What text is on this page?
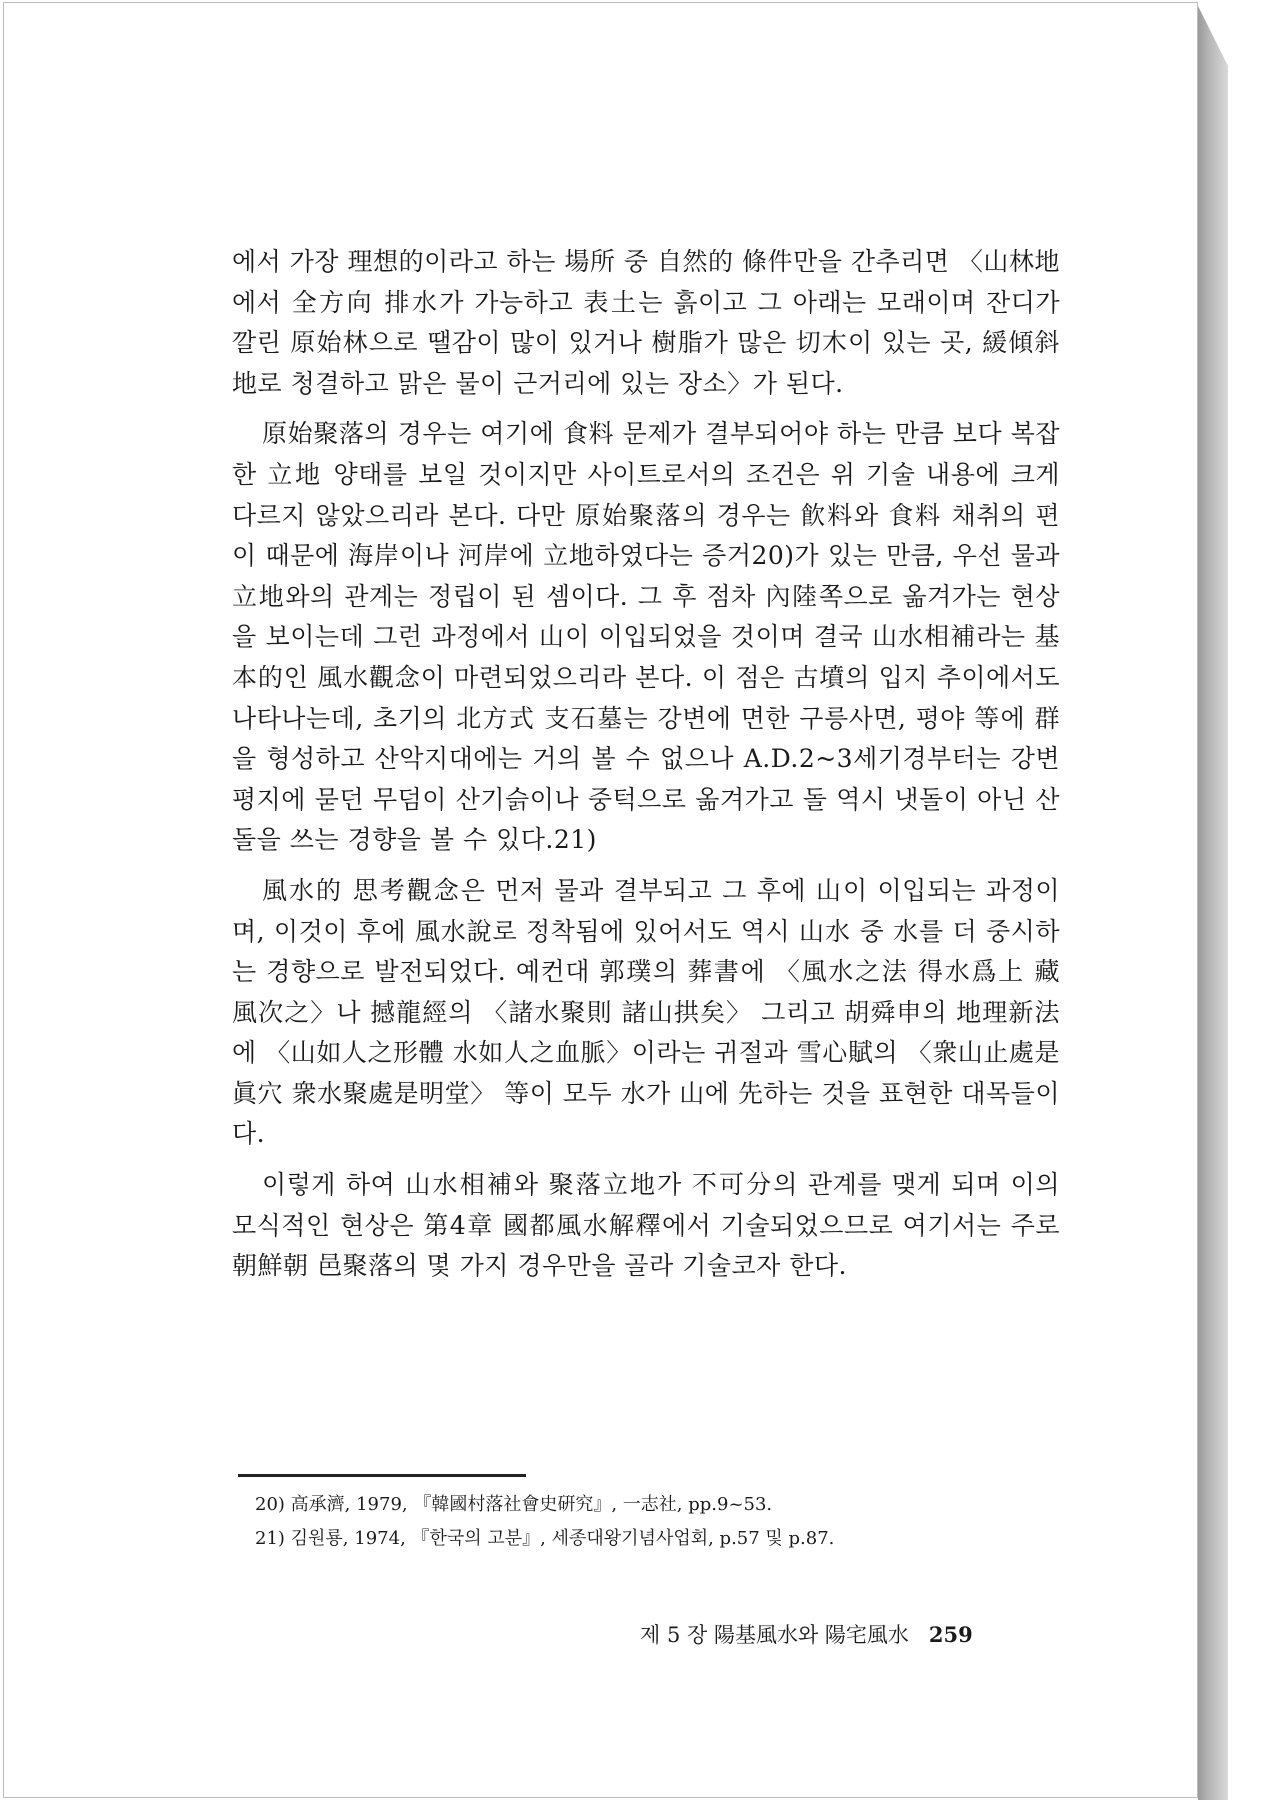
에서 가장 理想的이라고 하는 場所 중 自然的 條件만을 간추리면 〈山林地에서 全方向 排水가 가능하고 表土는 흙이고 그 아래는 모래이며 잔디가 깔린 原始林으로 땔감이 많이 있거나 樹脂가 많은 切木이 있는 곳, 緩傾斜地로 청결하고 맑은 물이 근거리에 있는 장소〉가 된다.

原始聚落의 경우는 여기에 食料 문제가 결부되어야 하는 만큼 보다 복잡한 立地 양태를 보일 것이지만 사이트로서의 조건은 위 기술 내용에 크게 다르지 않았으리라 본다. 다만 原始聚落의 경우는 飮料와 食料 채취의 편이 때문에 海岸이나 河岸에 立地하였다는 증거20)가 있는 만큼, 우선 물과 立地와의 관계는 정립이 된 셈이다. 그 후 점차 內陸쪽으로 옮겨가는 현상을 보이는데 그런 과정에서 山이 이입되었을 것이며 결국 山水相補라는 基本的인 風水觀念이 마련되었으리라 본다. 이 점은 古墳의 입지 추이에서도 나타나는데, 초기의 北方式 支石墓는 강변에 면한 구릉사면, 평야 等에 群을 형성하고 산악지대에는 거의 볼 수 없으나 A.D.2~3세기경부터는 강변 평지에 묻던 무덤이 산기슭이나 중턱으로 옮겨가고 돌 역시 냇돌이 아닌 산돌을 쓰는 경향을 볼 수 있다.21)

風水的 思考觀念은 먼저 물과 결부되고 그 후에 山이 이입되는 과정이며, 이것이 후에 風水說로 정착됨에 있어서도 역시 山水 중 水를 더 중시하는 경향으로 발전되었다. 예컨대 郭璞의 葬書에 〈風水之法 得水爲上 藏風次之〉나 撼龍經의 〈諸水聚則 諸山拱矣〉 그리고 胡舜申의 地理新法에 〈山如人之形體 水如人之血脈〉이라는 귀절과 雪心賦의 〈衆山止處是眞穴 衆水聚處是明堂〉 等이 모두 水가 山에 先하는 것을 표현한 대목들이다.

이렇게 하여 山水相補와 聚落立地가 不可分의 관계를 맺게 되며 이의 모식적인 현상은 第4章 國都風水解釋에서 기술되었으므로 여기서는 주로 朝鮮朝 邑聚落의 몇 가지 경우만을 골라 기술코자 한다.

20) 高承濟, 1979, 『韓國村落社會史硏究』, 一志社, pp.9~53.

21) 김원룡, 1974, 『한국의 고분』, 세종대왕기념사업회, p.57 및 p.87.

제 5 장 陽基風水와 陽宅風水 259
